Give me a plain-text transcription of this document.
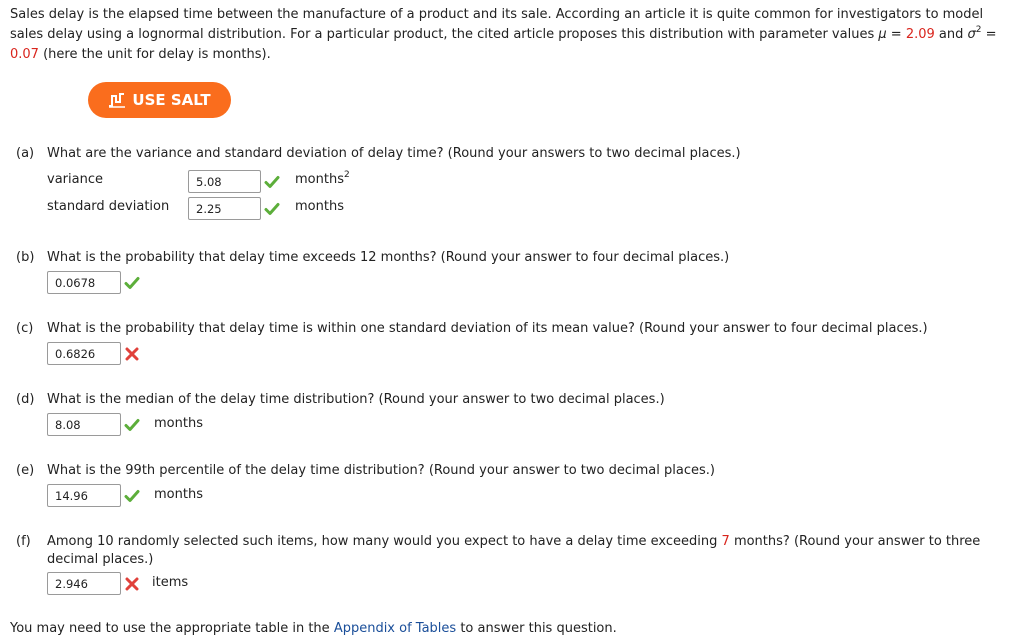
Sales delay is the elapsed time between the manufacture of a product and its sale. According an article it is quite common for investigators to model sales delay using a lognormal distribution. For a particular product, the cited article proposes this distribution with parameter values μ = 2.09 and $\sigma^2 = 0.07$ (here the unit for delay is months).
USE SALT
(a) What are the variance and standard deviation of delay time? (Round your answers to two decimal places.)
variance	5.08	months$^2$
standard deviation	2.25	months
(b) What is the probability that delay time exceeds 12 months? (Round your answer to four decimal places.)
0.0678
(c) What is the probability that delay time is within one standard deviation of its mean value? (Round your answer to four decimal places.)
0.6826
(d) What is the median of the delay time distribution? (Round your answer to two decimal places.)
8.08	months
(e) What is the 99th percentile of the delay time distribution? (Round your answer to two decimal places.)
14.96	months
(f) Among 10 randomly selected such items, how many would you expect to have a delay time exceeding 7 months? (Round your answer to three decimal places.)
2.946	items
You may need to use the appropriate table in the Appendix of Tables to answer this question.
